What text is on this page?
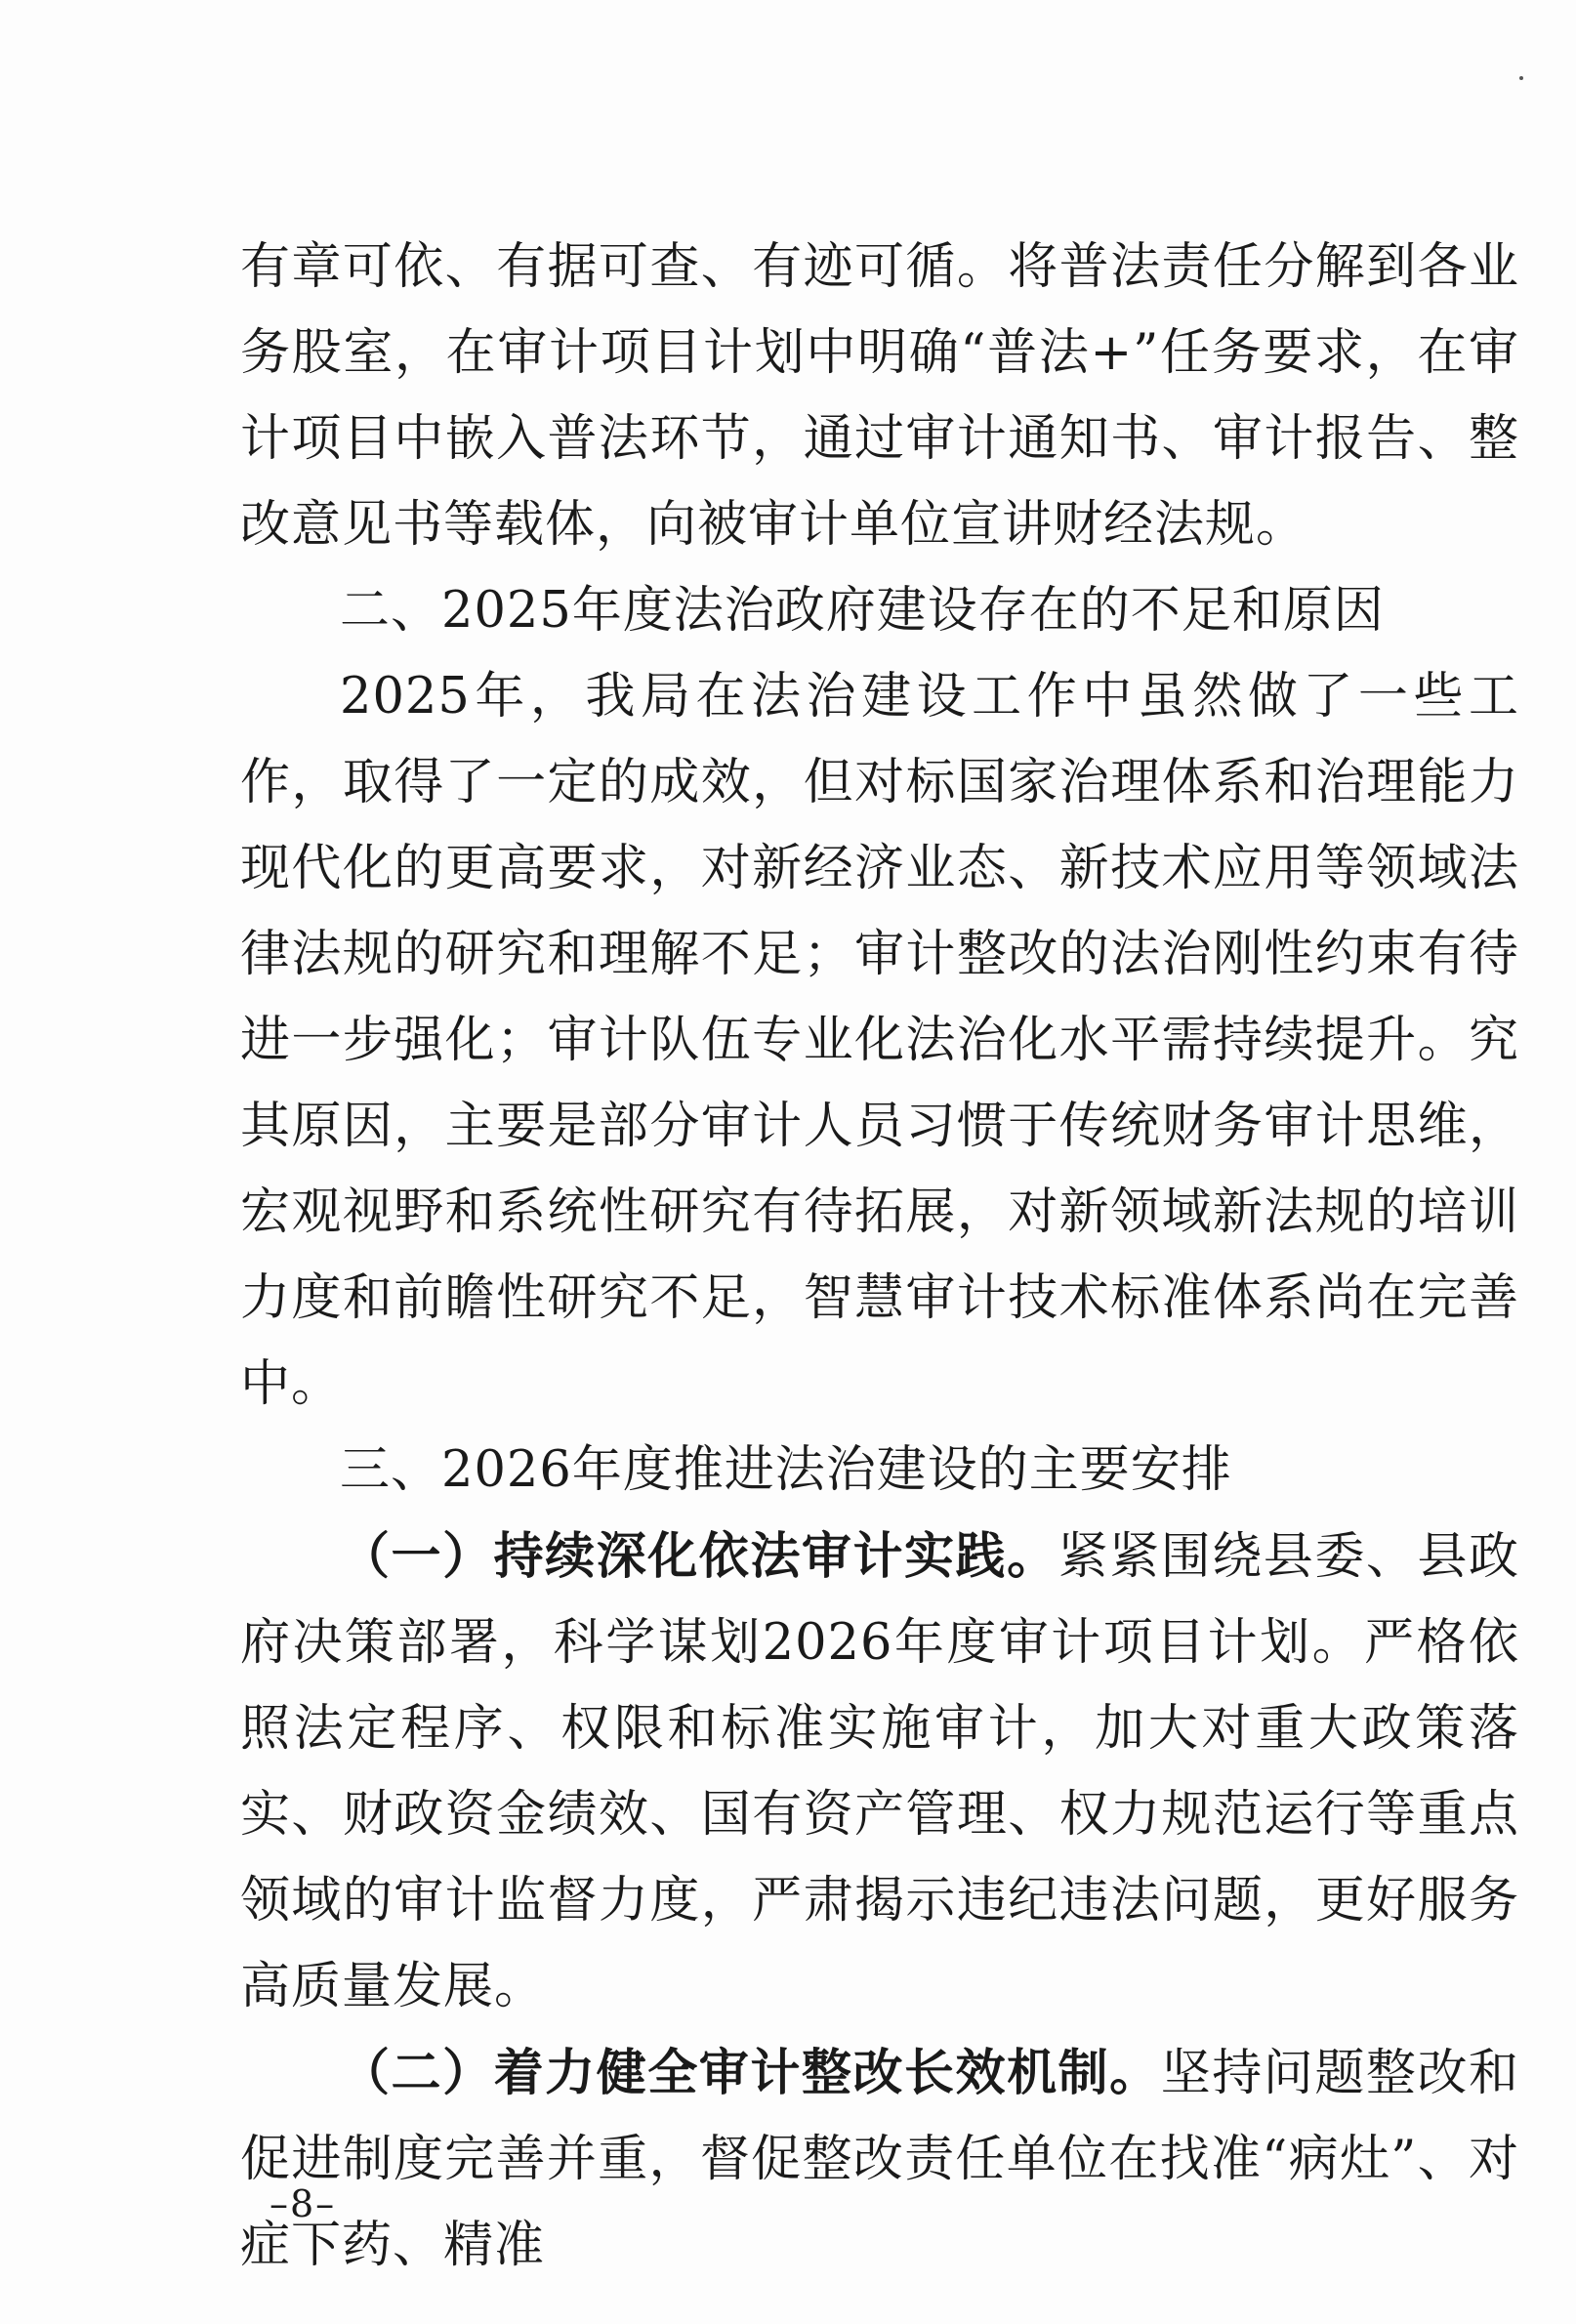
有章可依、有据可查、有迹可循。将普法责任分解到各业务股室，在审计项目计划中明确“普法+”任务要求，在审计项目中嵌入普法环节，通过审计通知书、审计报告、整改意见书等载体，向被审计单位宣讲财经法规。

二、2025年度法治政府建设存在的不足和原因

2025年，我局在法治建设工作中虽然做了一些工作，取得了一定的成效，但对标国家治理体系和治理能力现代化的更高要求，对新经济业态、新技术应用等领域法律法规的研究和理解不足；审计整改的法治刚性约束有待进一步强化；审计队伍专业化法治化水平需持续提升。究其原因，主要是部分审计人员习惯于传统财务审计思维，宏观视野和系统性研究有待拓展，对新领域新法规的培训力度和前瞻性研究不足，智慧审计技术标准体系尚在完善中。

三、2026年度推进法治建设的主要安排

（一）持续深化依法审计实践。紧紧围绕县委、县政府决策部署，科学谋划2026年度审计项目计划。严格依照法定程序、权限和标准实施审计，加大对重大政策落实、财政资金绩效、国有资产管理、权力规范运行等重点领域的审计监督力度，严肃揭示违纪违法问题，更好服务高质量发展。

（二）着力健全审计整改长效机制。坚持问题整改和促进制度完善并重，督促整改责任单位在找准“病灶”、对症下药、精准

–8–
